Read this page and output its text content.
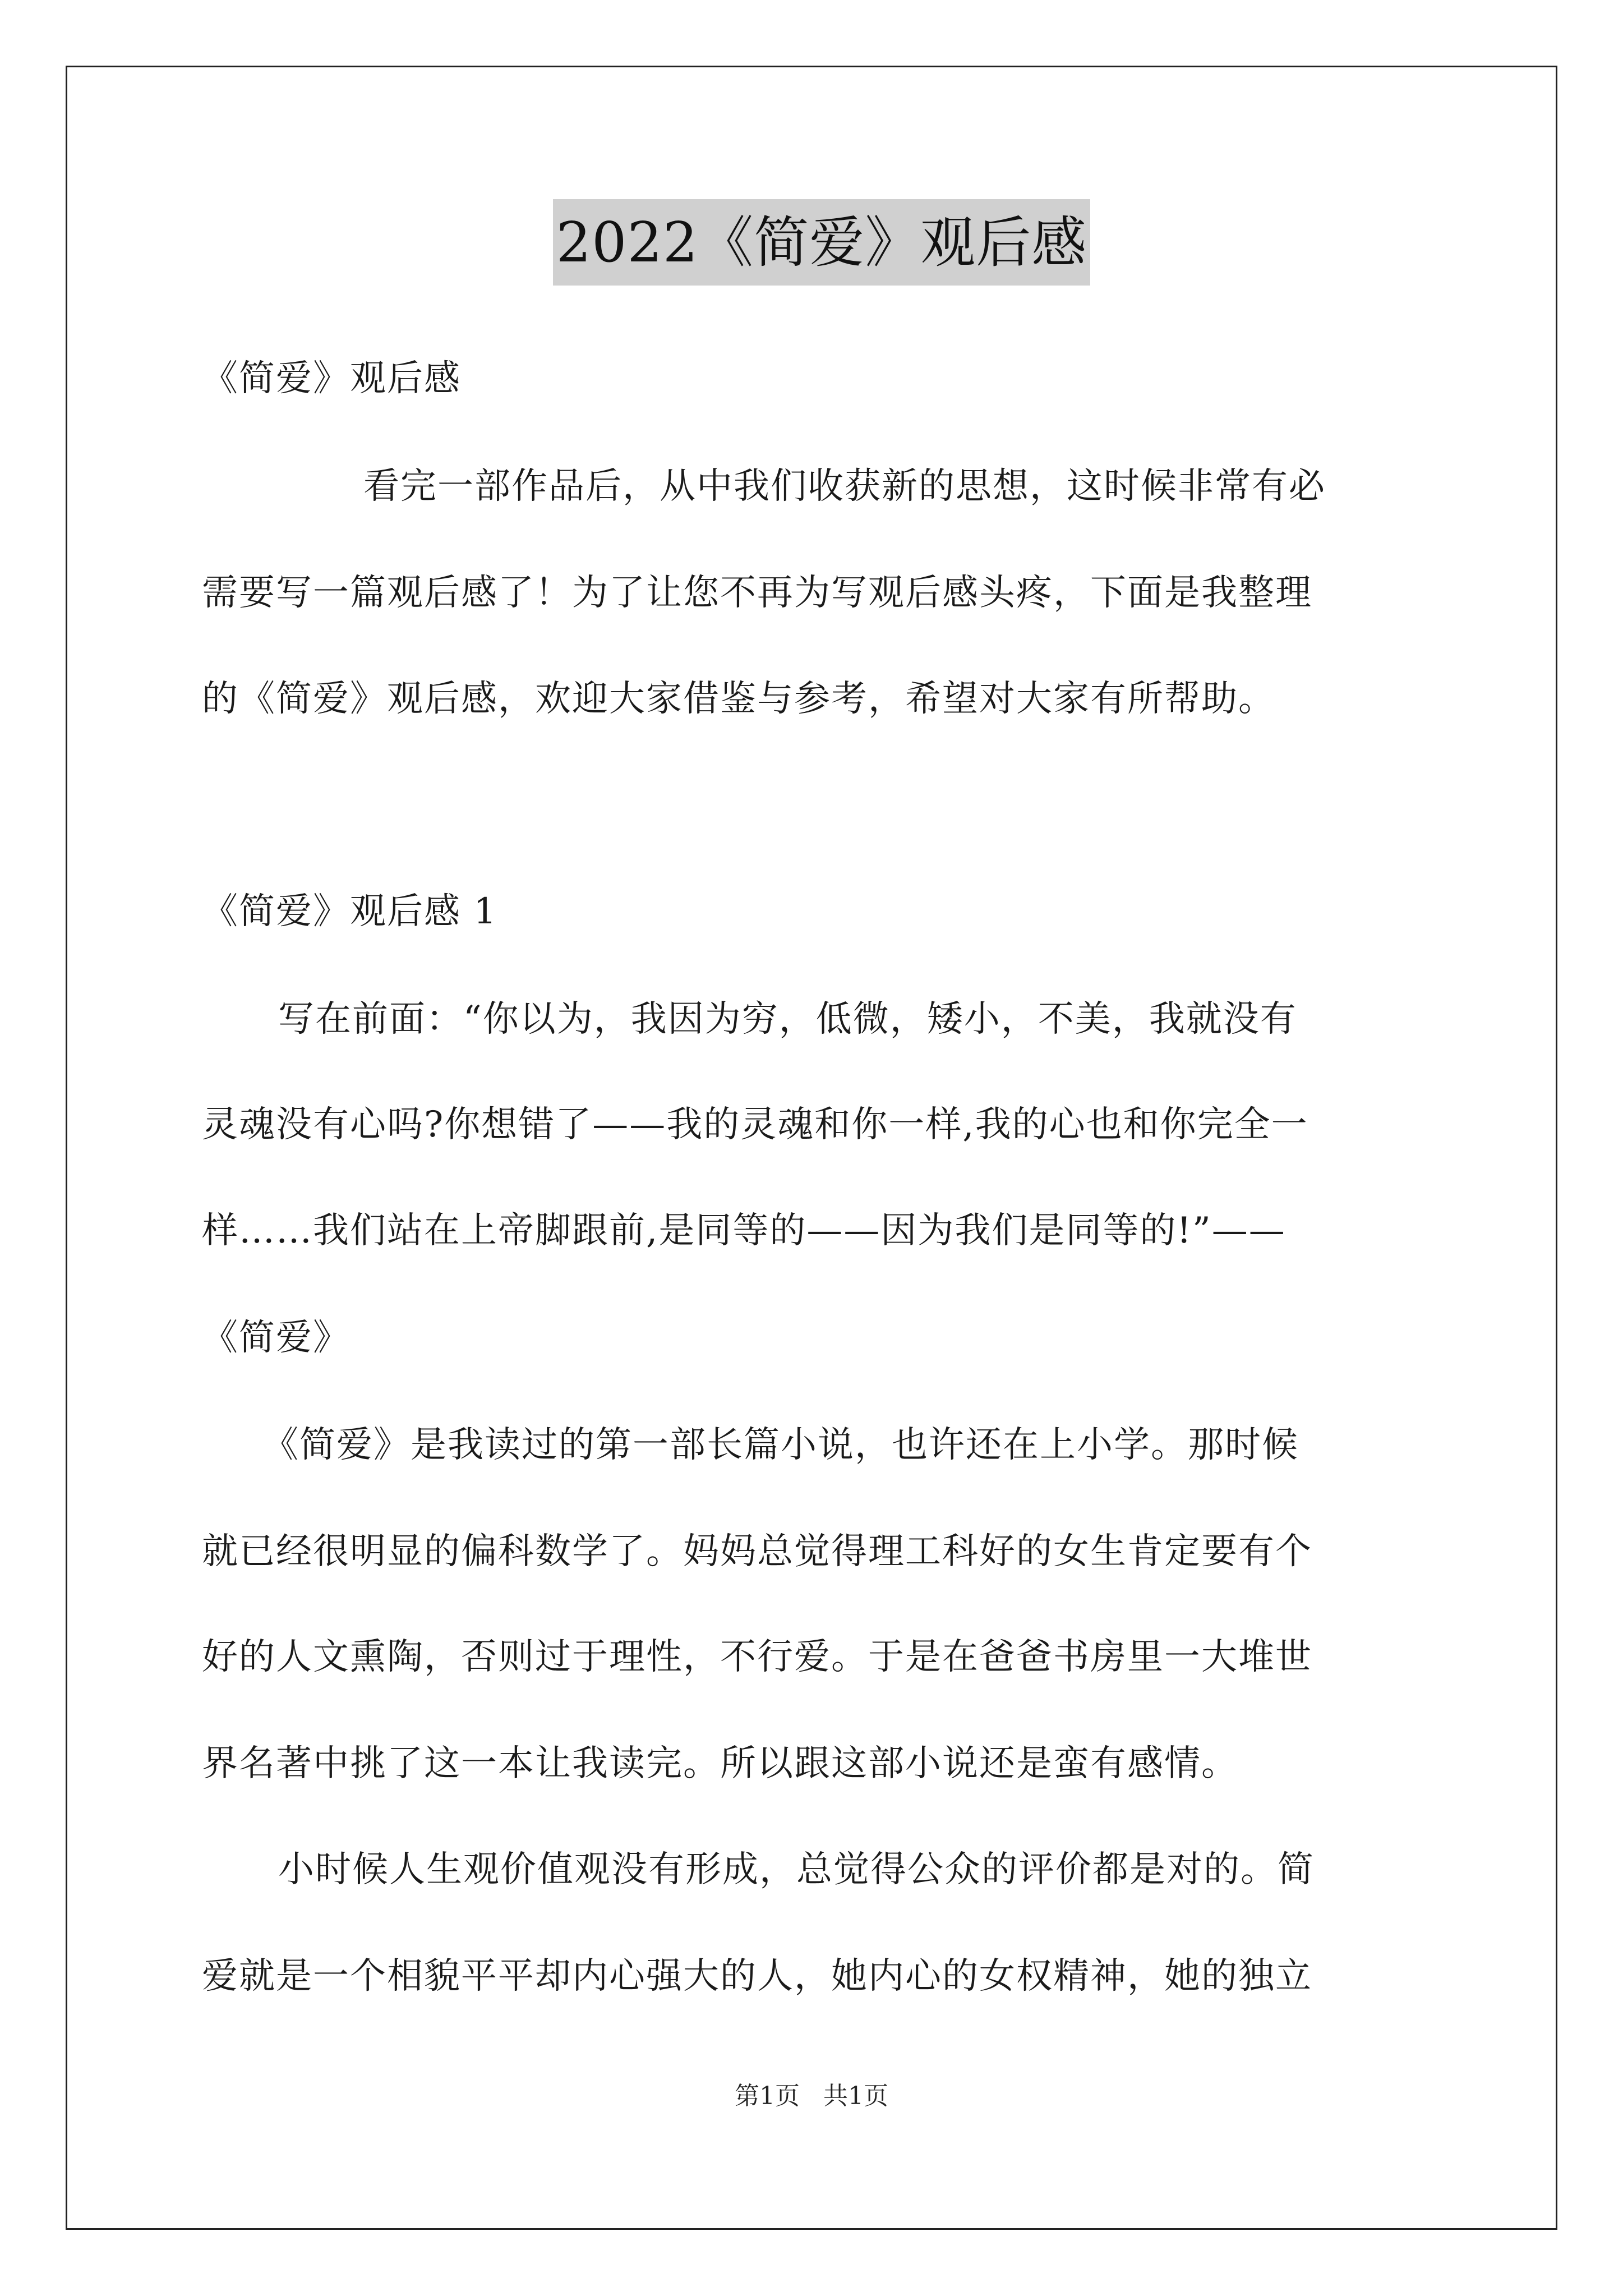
2022《简爱》观后感
《简爱》观后感
看完一部作品后，从中我们收获新的思想，这时候非常有必
需要写一篇观后感了！为了让您不再为写观后感头疼，下面是我整理
的《简爱》观后感，欢迎大家借鉴与参考，希望对大家有所帮助。
《简爱》观后感 1
写在前面：“你以为，我因为穷，低微，矮小，不美，我就没有
灵魂没有心吗?你想错了——我的灵魂和你一样,我的心也和你完全一
样……我们站在上帝脚跟前,是同等的——因为我们是同等的!”——
《简爱》
《简爱》是我读过的第一部长篇小说，也许还在上小学。那时候
就已经很明显的偏科数学了。妈妈总觉得理工科好的女生肯定要有个
好的人文熏陶，否则过于理性，不行爱。于是在爸爸书房里一大堆世
界名著中挑了这一本让我读完。所以跟这部小说还是蛮有感情。
小时候人生观价值观没有形成，总觉得公众的评价都是对的。简
爱就是一个相貌平平却内心强大的人，她内心的女权精神，她的独立
第1页   共1页
